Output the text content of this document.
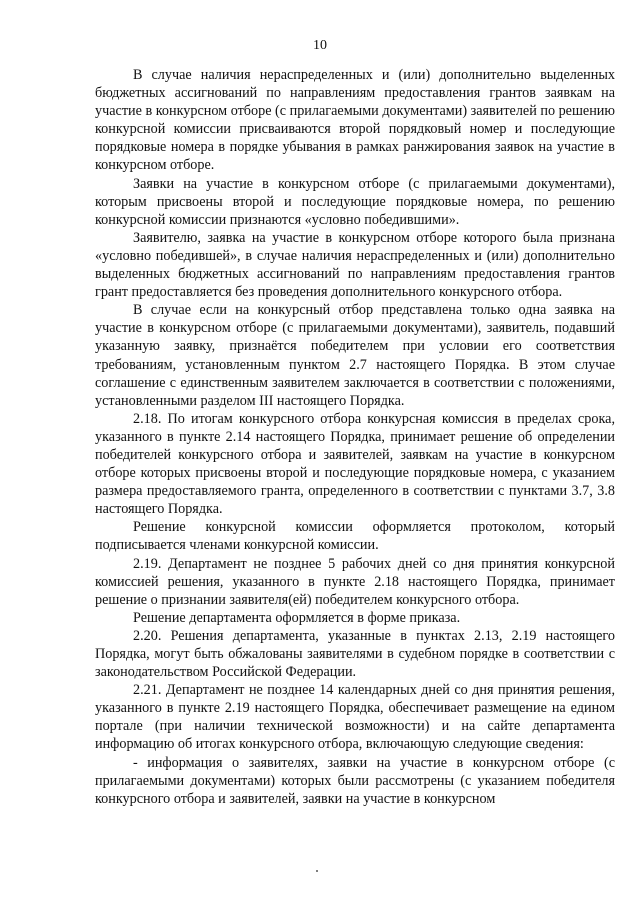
10

В случае наличия нераспределенных и (или) дополнительно выделенных бюджетных ассигнований по направлениям предоставления грантов заявкам на участие в конкурсном отборе (с прилагаемыми документами) заявителей по решению конкурсной комиссии присваиваются второй порядковый номер и последующие порядковые номера в порядке убывания в рамках ранжирования заявок на участие в конкурсном отборе.

Заявки на участие в конкурсном отборе (с прилагаемыми документами), которым присвоены второй и последующие порядковые номера, по решению конкурсной комиссии признаются «условно победившими».

Заявителю, заявка на участие в конкурсном отборе которого была признана «условно победившей», в случае наличия нераспределенных и (или) дополнительно выделенных бюджетных ассигнований по направлениям предоставления грантов грант предоставляется без проведения дополнительного конкурсного отбора.

В случае если на конкурсный отбор представлена только одна заявка на участие в конкурсном отборе (с прилагаемыми документами), заявитель, подавший указанную заявку, признаётся победителем при условии его соответствия требованиям, установленным пунктом 2.7 настоящего Порядка. В этом случае соглашение с единственным заявителем заключается в соответствии с положениями, установленными разделом III настоящего Порядка.

2.18. По итогам конкурсного отбора конкурсная комиссия в пределах срока, указанного в пункте 2.14 настоящего Порядка, принимает решение об определении победителей конкурсного отбора и заявителей, заявкам на участие в конкурсном отборе которых присвоены второй и последующие порядковые номера, с указанием размера предоставляемого гранта, определенного в соответствии с пунктами 3.7, 3.8 настоящего Порядка.

Решение конкурсной комиссии оформляется протоколом, который подписывается членами конкурсной комиссии.

2.19. Департамент не позднее 5 рабочих дней со дня принятия конкурсной комиссией решения, указанного в пункте 2.18 настоящего Порядка, принимает решение о признании заявителя(ей) победителем конкурсного отбора.

Решение департамента оформляется в форме приказа.

2.20. Решения департамента, указанные в пунктах 2.13, 2.19 настоящего Порядка, могут быть обжалованы заявителями в судебном порядке в соответствии с законодательством Российской Федерации.

2.21. Департамент не позднее 14 календарных дней со дня принятия решения, указанного в пункте 2.19 настоящего Порядка, обеспечивает размещение на едином портале (при наличии технической возможности) и на сайте департамента информацию об итогах конкурсного отбора, включающую следующие сведения:

- информация о заявителях, заявки на участие в конкурсном отборе (с прилагаемыми документами) которых были рассмотрены (с указанием победителя конкурсного отбора и заявителей, заявки на участие в конкурсном
